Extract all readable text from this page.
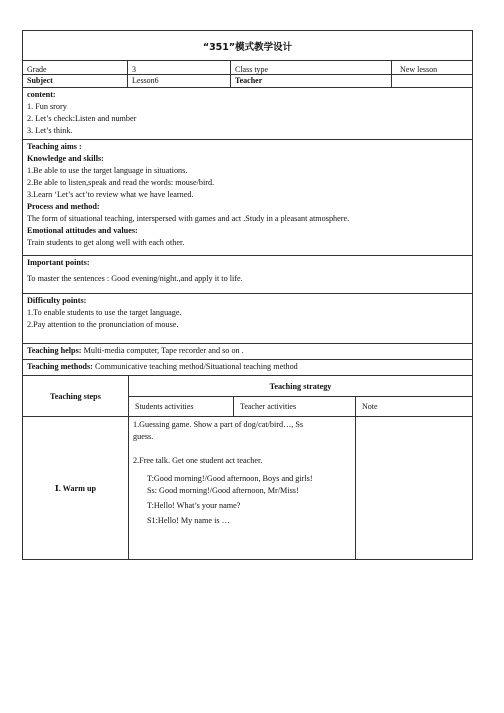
“351”模式教学设计
Grade	3	Class type	New lesson
Subject	Lesson6	Teacher
content:
1. Fun srory
2. Let’s check:Listen and number
3. Let’s think.
Teaching aims :
Knowledge and skills:
1.Be able to use the target language in situations.
2.Be able to listen,speak and read the words: mouse/bird.
3.Learn ‘Let’s act’to review what we have learned.
Process and method:
The form of situational teaching, interspersed with games and act .Study in a pleasant atmosphere.
Emotional attitudes and values:
Train students to get along well with each other.
Important points:
To master the sentences : Good evening/night.,and apply it to life.
Difficulty points:
1.To enable students to use the target language.
2.Pay attention to the pronunciation of mouse.
Teaching helps: Multi-media computer, Tape recorder and so on .
Teaching methods: Communicative teaching method/Situational teaching method
Teaching steps
Teaching strategy
Students activities	Teacher activities	Note
Ⅰ. Warm up
1.Guessing game. Show a part of dog/cat/bird…, Ss
guess.
2.Free talk. Get one student act teacher.
T:Good morning!/Good afternoon, Boys and girls!
Ss: Good morning!/Good afternoon, Mr/Miss!
T:Hello! What’s your name?
S1:Hello! My name is …
